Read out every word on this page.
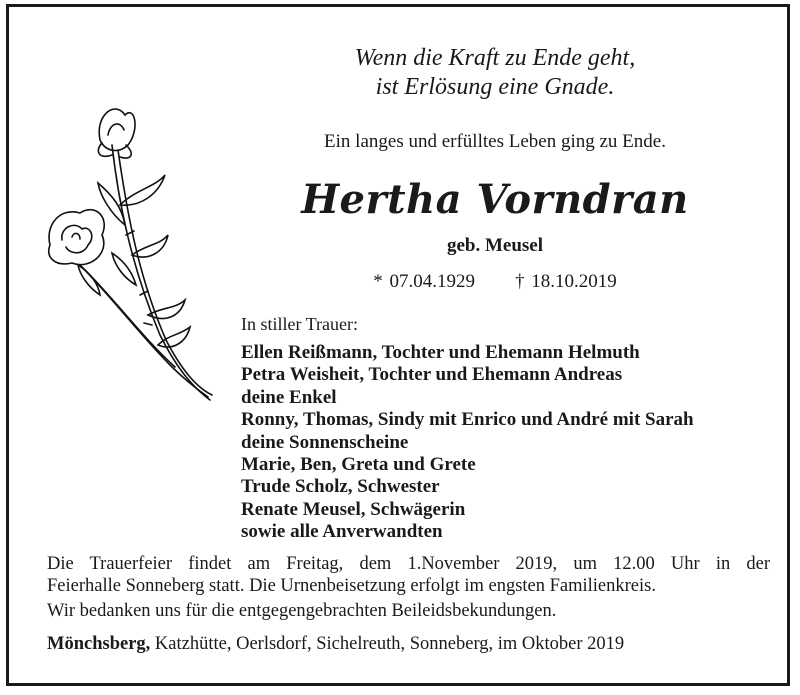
Wenn die Kraft zu Ende geht,
ist Erlösung eine Gnade.
Ein langes und erfülltes Leben ging zu Ende.
Hertha Vorndran
geb. Meusel
* 07.04.1929 † 18.10.2019
In stiller Trauer:
Ellen Reißmann, Tochter und Ehemann Helmuth
Petra Weisheit, Tochter und Ehemann Andreas
deine Enkel
Ronny, Thomas, Sindy mit Enrico und André mit Sarah
deine Sonnenscheine
Marie, Ben, Greta und Grete
Trude Scholz, Schwester
Renate Meusel, Schwägerin
sowie alle Anverwandten
Die Trauerfeier findet am Freitag, dem 1.November 2019, um 12.00 Uhr in der
Feierhalle Sonneberg statt. Die Urnenbeisetzung erfolgt im engsten Familienkreis.
Wir bedanken uns für die entgegengebrachten Beileidsbekundungen.
Mönchsberg, Katzhütte, Oerlsdorf, Sichelreuth, Sonneberg, im Oktober 2019
